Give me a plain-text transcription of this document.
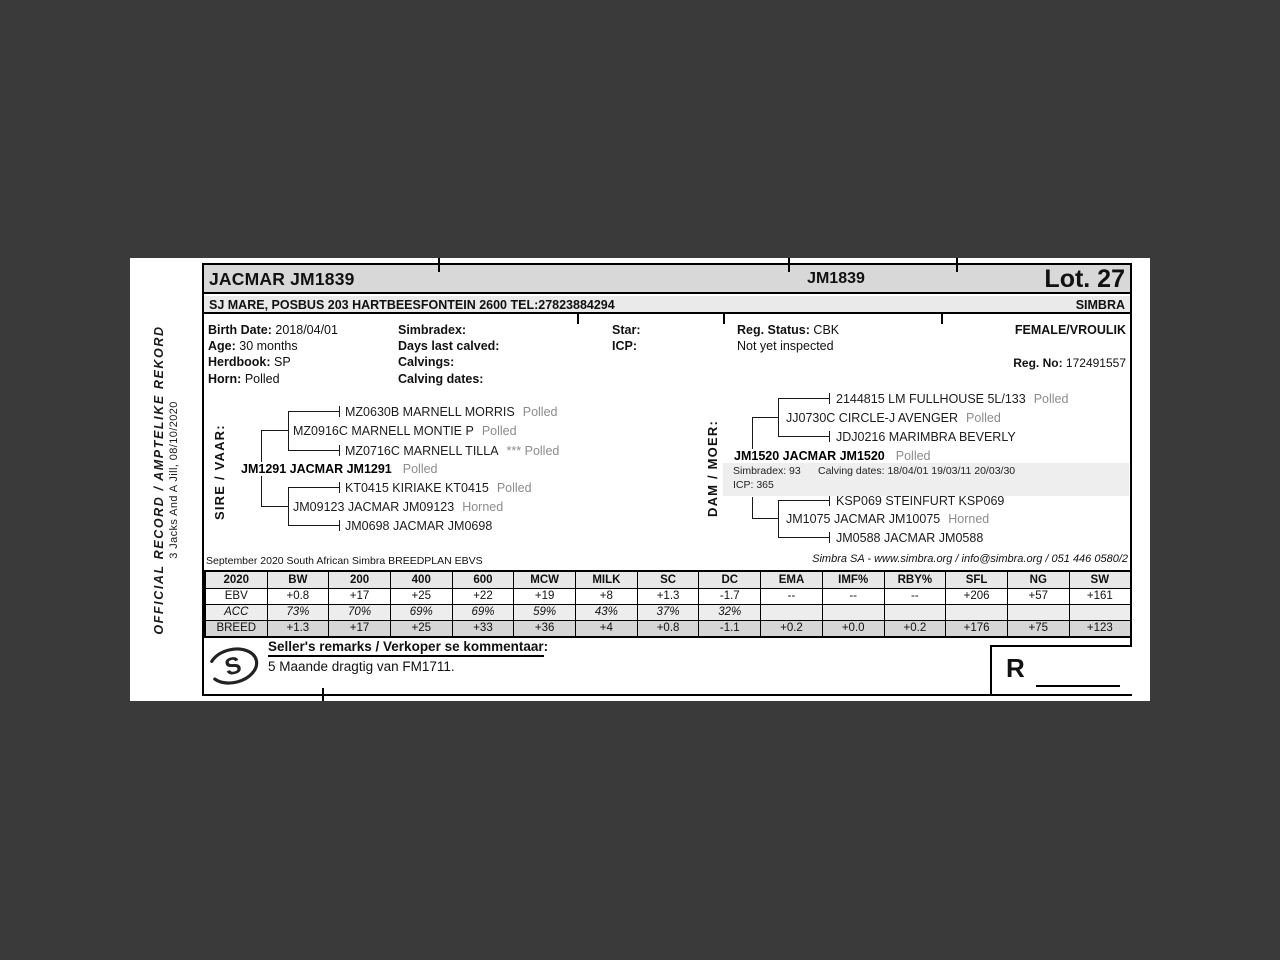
OFFICIAL RECORD / AMPTELIKE REKORD 3 Jacks And A Jill, 08/10/2020
JACMAR JM1839	JM1839	Lot. 27
SJ MARE, POSBUS 203 HARTBEESFONTEIN 2600 TEL:27823884294	SIMBRA
Birth Date: 2018/04/01
Age: 30 months
Herdbook: SP
Horn: Polled
Simbradex:
Days last calved:
Calvings:
Calving dates:
Star:
ICP:
Reg. Status: CBK
Not yet inspected
FEMALE/VROULIK
Reg. No: 172491557
SIRE / VAAR:
MZ0630B MARNELL MORRIS Polled
MZ0916C MARNELL MONTIE P Polled
MZ0716C MARNELL TILLA *** Polled
JM1291 JACMAR JM1291 Polled
KT0415 KIRIAKE KT0415 Polled
JM09123 JACMAR JM09123 Horned
JM0698 JACMAR JM0698
DAM / MOER:
2144815 LM FULLHOUSE 5L/133 Polled
JJ0730C CIRCLE-J AVENGER Polled
JDJ0216 MARIMBRA BEVERLY
JM1520 JACMAR JM1520 Polled
Simbradex: 93 Calving dates: 18/04/01 19/03/11 20/03/30
ICP: 365
KSP069 STEINFURT KSP069
JM1075 JACMAR JM10075 Horned
JM0588 JACMAR JM0588
September 2020 South African Simbra BREEDPLAN EBVS	Simbra SA - www.simbra.org / info@simbra.org / 051 446 0580/2
2020	BW	200	400	600	MCW	MILK	SC	DC	EMA	IMF%	RBY%	SFL	NG	SW
EBV	+0.8	+17	+25	+22	+19	+8	+1.3	-1.7	--	--	--	+206	+57	+161
ACC	73%	70%	69%	69%	59%	43%	37%	32%						
BREED	+1.3	+17	+25	+33	+36	+4	+0.8	-1.1	+0.2	+0.0	+0.2	+176	+75	+123
S
Seller's remarks / Verkoper se kommentaar:
5 Maande dragtig van FM1711.	R
